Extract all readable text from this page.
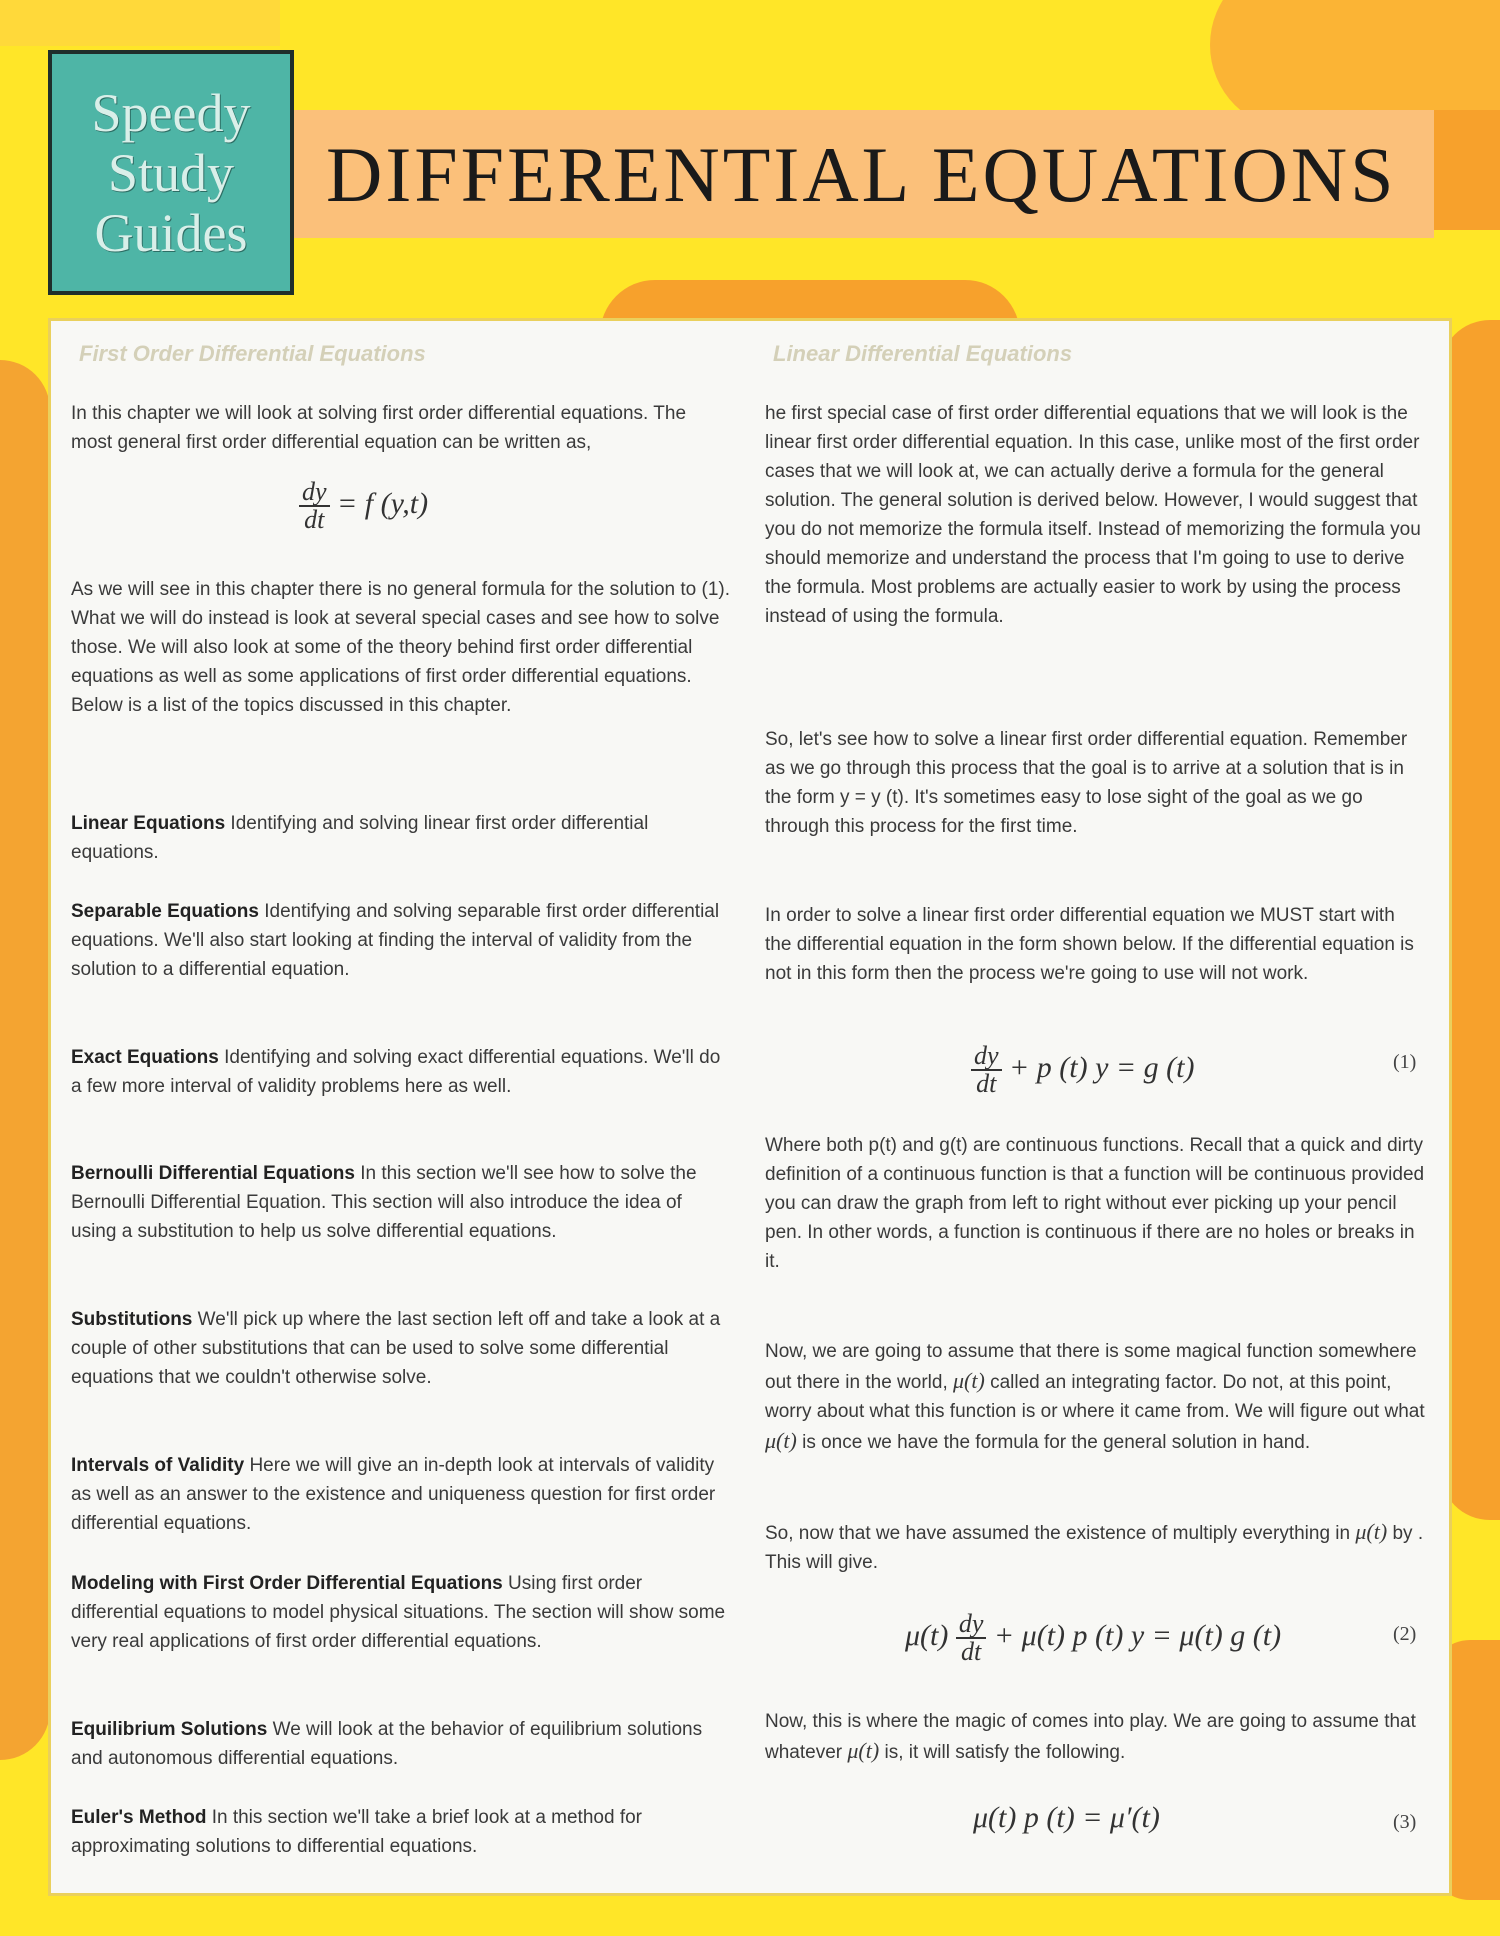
Speedy
Study
Guides
DIFFERENTIAL EQUATIONS
First Order Differential Equations

In this chapter we will look at solving first order differential equations. The most general first order differential equation can be written as,

$\frac{dy}{dt} = f$ (y,t)

As we will see in this chapter there is no general formula for the solution to (1). What we will do instead is look at several special cases and see how to solve those. We will also look at some of the theory behind first order differential equations as well as some applications of first order differential equations. Below is a list of the topics discussed in this chapter.

Linear Equations Identifying and solving linear first order differential equations.

Separable Equations Identifying and solving separable first order differential equations. We'll also start looking at finding the interval of validity from the solution to a differential equation.

Exact Equations Identifying and solving exact differential equations. We'll do a few more interval of validity problems here as well.

Bernoulli Differential Equations In this section we'll see how to solve the Bernoulli Differential Equation. This section will also introduce the idea of using a substitution to help us solve differential equations.

Substitutions We'll pick up where the last section left off and take a look at a couple of other substitutions that can be used to solve some differential equations that we couldn't otherwise solve.

Intervals of Validity Here we will give an in-depth look at intervals of validity as well as an answer to the existence and uniqueness question for first order differential equations.

Modeling with First Order Differential Equations Using first order differential equations to model physical situations. The section will show some very real applications of first order differential equations.

Equilibrium Solutions We will look at the behavior of equilibrium solutions and autonomous differential equations.

Euler's Method In this section we'll take a brief look at a method for approximating solutions to differential equations.

Linear Differential Equations

he first special case of first order differential equations that we will look is the linear first order differential equation. In this case, unlike most of the first order cases that we will look at, we can actually derive a formula for the general solution. The general solution is derived below. However, I would suggest that you do not memorize the formula itself. Instead of memorizing the formula you should memorize and understand the process that I'm going to use to derive the formula. Most problems are actually easier to work by using the process instead of using the formula.

So, let's see how to solve a linear first order differential equation. Remember as we go through this process that the goal is to arrive at a solution that is in the form y = y (t). It's sometimes easy to lose sight of the goal as we go through this process for the first time.

In order to solve a linear first order differential equation we MUST start with the differential equation in the form shown below. If the differential equation is not in this form then the process we're going to use will not work.

$\frac{dy}{dt} + p$ (t) y = g (t)	(1)

Where both p(t) and g(t) are continuous functions. Recall that a quick and dirty definition of a continuous function is that a function will be continuous provided you can draw the graph from left to right without ever picking up your pencil pen. In other words, a function is continuous if there are no holes or breaks in it.

Now, we are going to assume that there is some magical function somewhere out there in the world, μ(t) called an integrating factor. Do not, at this point, worry about what this function is or where it came from. We will figure out what μ(t) is once we have the formula for the general solution in hand.

So, now that we have assumed the existence of multiply everything in μ(t) by . This will give.

$\mu(t) \frac{dy}{dt} + \mu(t)$ p (t) y = μ(t) g (t)	(2)

Now, this is where the magic of comes into play. We are going to assume that whatever μ(t) is, it will satisfy the following.

μ(t) p (t) = μ′(t)	(3)
